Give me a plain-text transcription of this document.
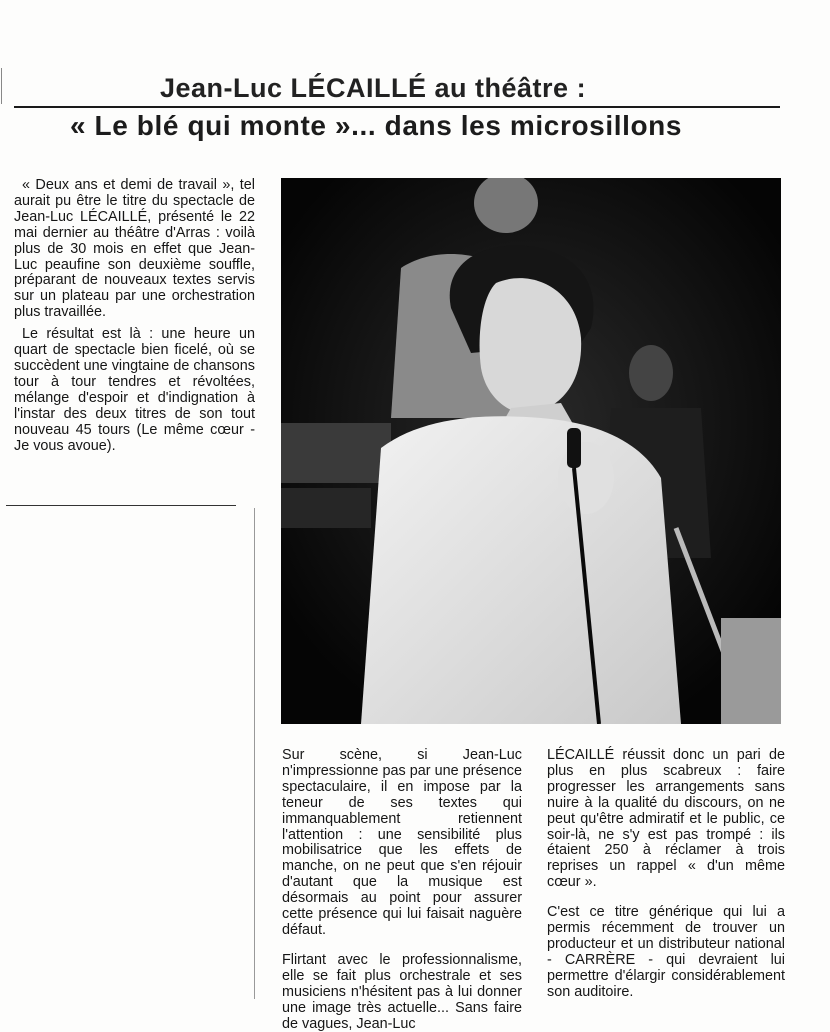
Jean-Luc LÉCAILLÉ au théâtre :
« Le blé qui monte »... dans les microsillons

« Deux ans et demi de travail », tel aurait pu être le titre du spectacle de Jean-Luc LÉCAILLÉ, présenté le 22 mai dernier au théâtre d'Arras : voilà plus de 30 mois en effet que Jean-Luc peaufine son deuxième souffle, préparant de nouveaux textes servis sur un plateau par une orchestration plus travaillée.

Le résultat est là : une heure un quart de spectacle bien ficelé, où se succèdent une vingtaine de chansons tour à tour tendres et révoltées, mélange d'espoir et d'indignation à l'instar des deux titres de son tout nouveau 45 tours (Le même cœur - Je vous avoue).

Sur scène, si Jean-Luc n'impressionne pas par une présence spectaculaire, il en impose par la teneur de ses textes qui immanquablement retiennent l'attention : une sensibilité plus mobilisatrice que les effets de manche, on ne peut que s'en réjouir d'autant que la musique est désormais au point pour assurer cette présence qui lui faisait naguère défaut.

Flirtant avec le professionnalisme, elle se fait plus orchestrale et ses musiciens n'hésitent pas à lui donner une image très actuelle... Sans faire de vagues, Jean-Luc

LÉCAILLÉ réussit donc un pari de plus en plus scabreux : faire progresser les arrangements sans nuire à la qualité du discours, on ne peut qu'être admiratif et le public, ce soir-là, ne s'y est pas trompé : ils étaient 250 à réclamer à trois reprises un rappel « d'un même cœur ».

C'est ce titre générique qui lui a permis récemment de trouver un producteur et un distributeur national - CARRÈRE - qui devraient lui permettre d'élargir considérablement son auditoire.
